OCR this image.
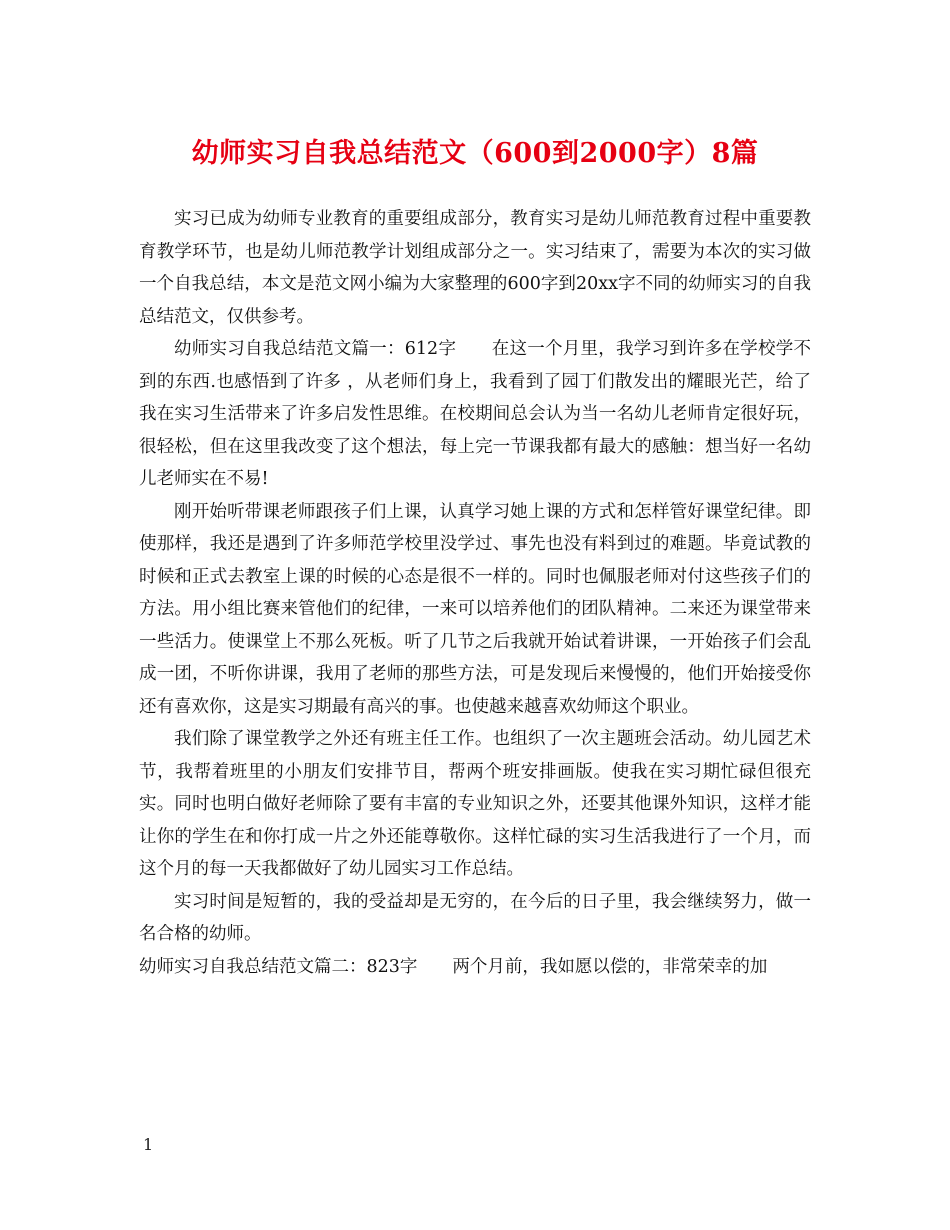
幼师实习自我总结范文（600到2000字）8篇

实习已成为幼师专业教育的重要组成部分，教育实习是幼儿师范教育过程中重要教育教学环节，也是幼儿师范教学计划组成部分之一。实习结束了，需要为本次的实习做一个自我总结，本文是范文网小编为大家整理的600字到20xx字不同的幼师实习的自我总结范文，仅供参考。

幼师实习自我总结范文篇一：612字　　在这一个月里，我学习到许多在学校学不到的东西.也感悟到了许多 ，从老师们身上，我看到了园丁们散发出的耀眼光芒，给了我在实习生活带来了许多启发性思维。在校期间总会认为当一名幼儿老师肯定很好玩，很轻松，但在这里我改变了这个想法，每上完一节课我都有最大的感触：想当好一名幼儿老师实在不易!

刚开始听带课老师跟孩子们上课，认真学习她上课的方式和怎样管好课堂纪律。即使那样，我还是遇到了许多师范学校里没学过、事先也没有料到过的难题。毕竟试教的时候和正式去教室上课的时候的心态是很不一样的。同时也佩服老师对付这些孩子们的方法。用小组比赛来管他们的纪律，一来可以培养他们的团队精神。二来还为课堂带来一些活力。使课堂上不那么死板。听了几节之后我就开始试着讲课，一开始孩子们会乱成一团，不听你讲课，我用了老师的那些方法，可是发现后来慢慢的，他们开始接受你还有喜欢你，这是实习期最有高兴的事。也使越来越喜欢幼师这个职业。

我们除了课堂教学之外还有班主任工作。也组织了一次主题班会活动。幼儿园艺术节，我帮着班里的小朋友们安排节目，帮两个班安排画版。使我在实习期忙碌但很充实。同时也明白做好老师除了要有丰富的专业知识之外，还要其他课外知识，这样才能让你的学生在和你打成一片之外还能尊敬你。这样忙碌的实习生活我进行了一个月，而这个月的每一天我都做好了幼儿园实习工作总结。

实习时间是短暂的，我的受益却是无穷的，在今后的日子里，我会继续努力，做一名合格的幼师。

幼师实习自我总结范文篇二：823字　　两个月前，我如愿以偿的，非常荣幸的加

1
